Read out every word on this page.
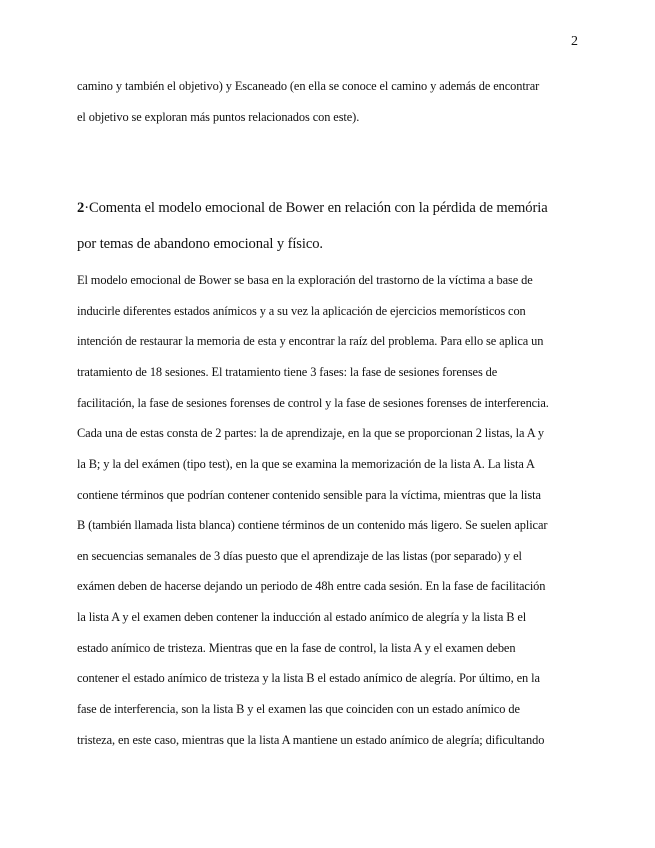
2
camino y también el objetivo) y Escaneado (en ella se conoce el camino y además de encontrar
el objetivo se exploran más puntos relacionados con este).
2·Comenta el modelo emocional de Bower en relación con la pérdida de memória
por temas de abandono emocional y físico.
El modelo emocional de Bower se basa en la exploración del trastorno de la víctima a base de
inducirle diferentes estados anímicos y a su vez la aplicación de ejercicios memorísticos con
intención de restaurar la memoria de esta y encontrar la raíz del problema. Para ello se aplica un
tratamiento de 18 sesiones. El tratamiento tiene 3 fases: la fase de sesiones forenses de
facilitación, la fase de sesiones forenses de control y la fase de sesiones forenses de interferencia.
Cada una de estas consta de 2 partes: la de aprendizaje, en la que se proporcionan 2 listas, la A y
la B; y la del exámen (tipo test), en la que se examina la memorización de la lista A. La lista A
contiene términos que podrían contener contenido sensible para la víctima, mientras que la lista
B (también llamada lista blanca) contiene términos de un contenido más ligero. Se suelen aplicar
en secuencias semanales de 3 días puesto que el aprendizaje de las listas (por separado) y el
exámen deben de hacerse dejando un periodo de 48h entre cada sesión. En la fase de facilitación
la lista A y el examen deben contener la inducción al estado anímico de alegría y la lista B el
estado anímico de tristeza. Mientras que en la fase de control, la lista A y el examen deben
contener el estado anímico de tristeza y la lista B el estado anímico de alegría. Por último, en la
fase de interferencia, son la lista B y el examen las que coinciden con un estado anímico de
tristeza, en este caso, mientras que la lista A mantiene un estado anímico de alegría; dificultando
